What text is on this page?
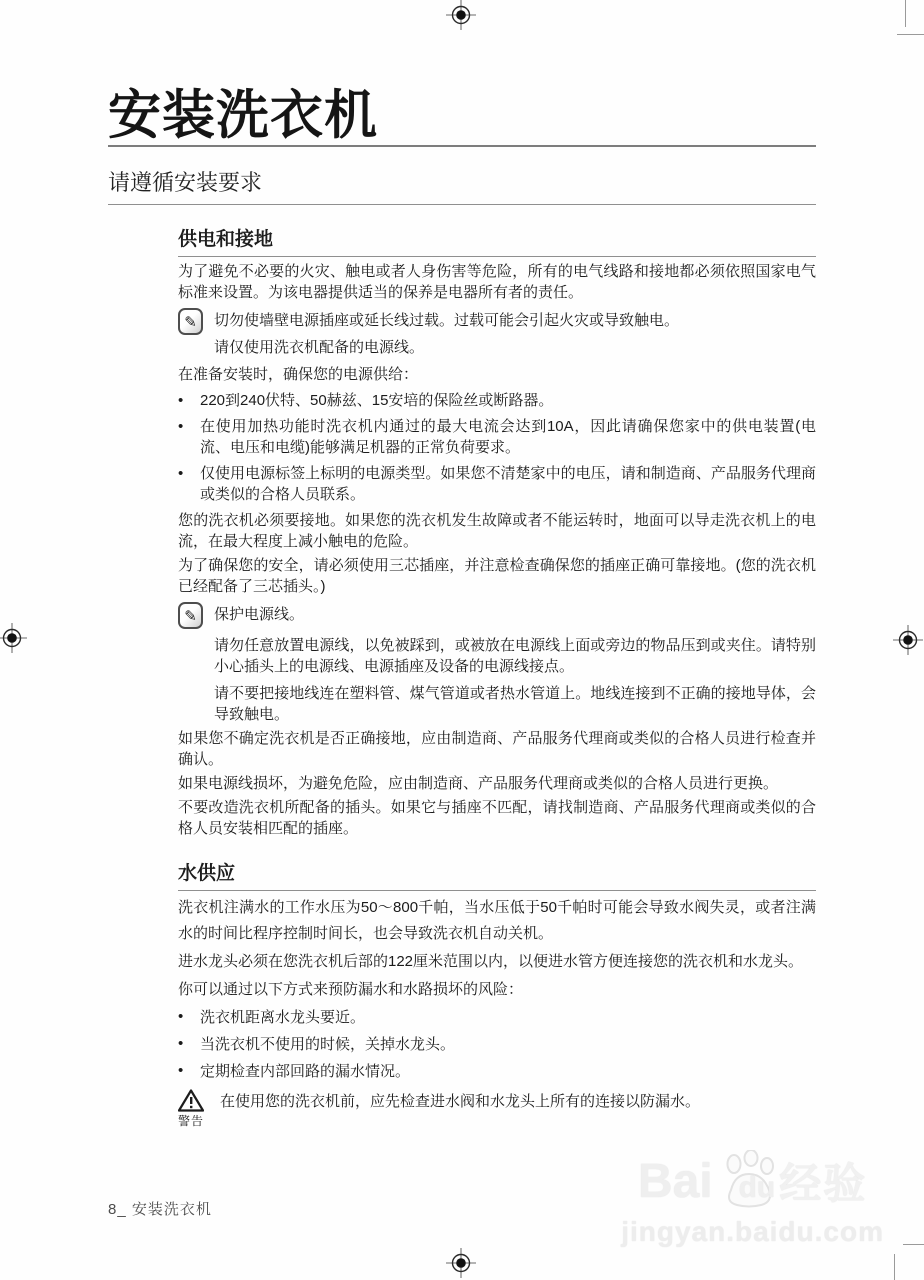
安装洗衣机
请遵循安装要求
供电和接地

为了避免不必要的火灾、触电或者人身伤害等危险，所有的电气线路和接地都必须依照国家电气标准来设置。为该电器提供适当的保养是电器所有者的责任。

✎	切勿使墙壁电源插座或延长线过载。过载可能会引起火灾或导致触电。

请仅使用洗衣机配备的电源线。

在准备安装时，确保您的电源供给：

• 220到240伏特、50赫兹、15安培的保险丝或断路器。
• 在使用加热功能时洗衣机内通过的最大电流会达到10A，因此请确保您家中的供电装置(电流、电压和电缆)能够满足机器的正常负荷要求。
• 仅使用电源标签上标明的电源类型。如果您不清楚家中的电压，请和制造商、产品服务代理商或类似的合格人员联系。

您的洗衣机必须要接地。如果您的洗衣机发生故障或者不能运转时，地面可以导走洗衣机上的电流，在最大程度上减小触电的危险。

为了确保您的安全，请必须使用三芯插座，并注意检查确保您的插座正确可靠接地。(您的洗衣机已经配备了三芯插头。)

✎	保护电源线。

请勿任意放置电源线，以免被踩到，或被放在电源线上面或旁边的物品压到或夹住。请特别小心插头上的电源线、电源插座及设备的电源线接点。

请不要把接地线连在塑料管、煤气管道或者热水管道上。地线连接到不正确的接地导体，会导致触电。

如果您不确定洗衣机是否正确接地，应由制造商、产品服务代理商或类似的合格人员进行检查并确认。

如果电源线损坏，为避免危险，应由制造商、产品服务代理商或类似的合格人员进行更换。

不要改造洗衣机所配备的插头。如果它与插座不匹配，请找制造商、产品服务代理商或类似的合格人员安装相匹配的插座。

水供应

洗衣机注满水的工作水压为50～800千帕，当水压低于50千帕时可能会导致水阀失灵，或者注满水的时间比程序控制时间长，也会导致洗衣机自动关机。

进水龙头必须在您洗衣机后部的122厘米范围以内，以便进水管方便连接您的洗衣机和水龙头。

你可以通过以下方式来预防漏水和水路损坏的风险：

• 洗衣机距离水龙头要近。
• 当洗衣机不使用的时候，关掉水龙头。
• 定期检查内部回路的漏水情况。
警告

在使用您的洗衣机前，应先检查进水阀和水龙头上所有的连接以防漏水。

8_ 安装洗衣机
Bai du 经验
jingyan.baidu.com
